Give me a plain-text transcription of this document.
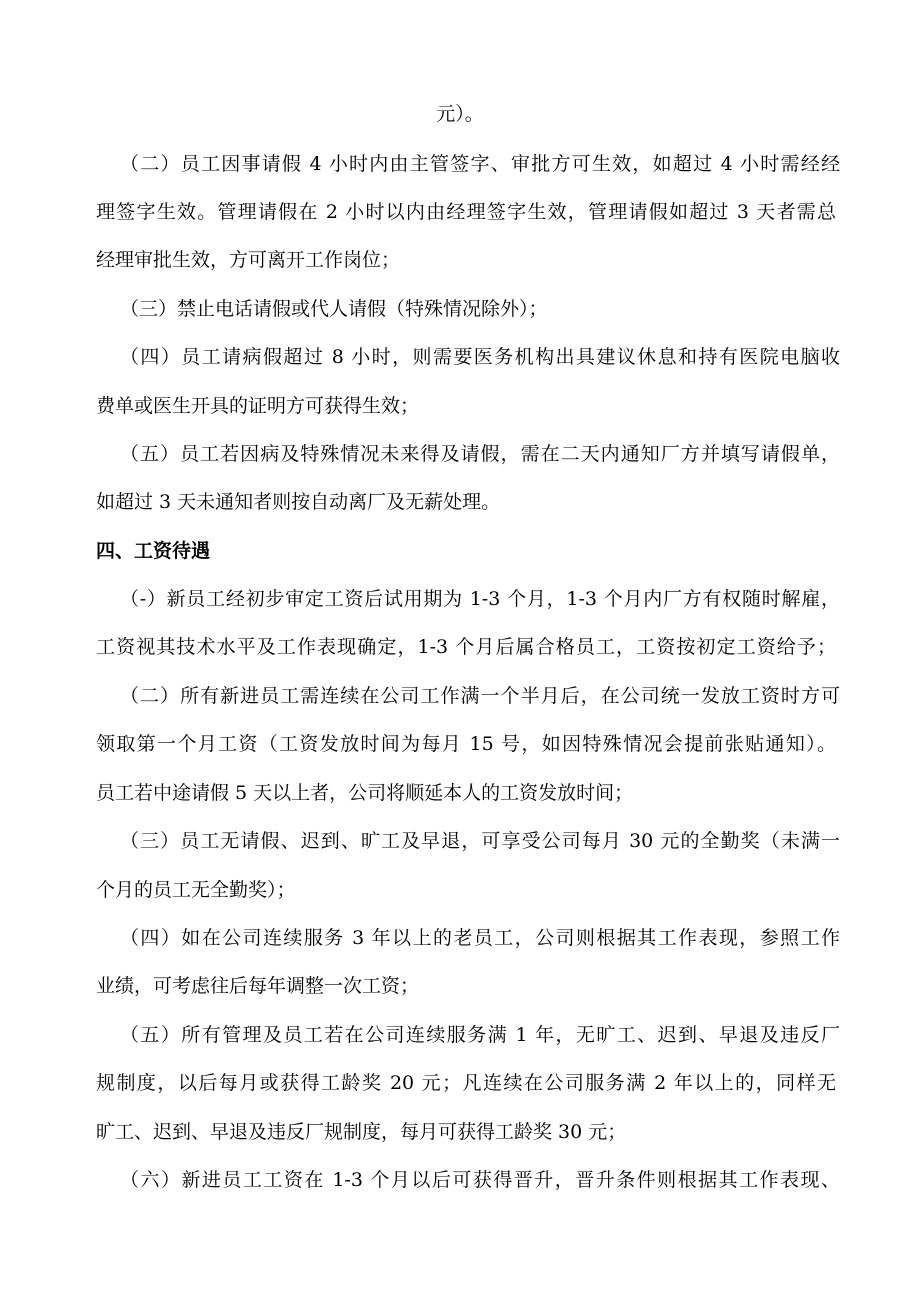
元）。
（二）员工因事请假 4 小时内由主管签字、审批方可生效，如超过 4 小时需经经
理签字生效。管理请假在 2 小时以内由经理签字生效，管理请假如超过 3 天者需总
经理审批生效，方可离开工作岗位；
（三）禁止电话请假或代人请假（特殊情况除外）；
（四）员工请病假超过 8 小时，则需要医务机构出具建议休息和持有医院电脑收
费单或医生开具的证明方可获得生效；
（五）员工若因病及特殊情况未来得及请假，需在二天内通知厂方并填写请假单，
如超过 3 天未通知者则按自动离厂及无薪处理。
四、工资待遇
（-）新员工经初步审定工资后试用期为 1-3 个月，1-3 个月内厂方有权随时解雇，
工资视其技术水平及工作表现确定，1-3 个月后属合格员工，工资按初定工资给予；
（二）所有新进员工需连续在公司工作满一个半月后，在公司统一发放工资时方可
领取第一个月工资（工资发放时间为每月 15 号，如因特殊情况会提前张贴通知）。
员工若中途请假 5 天以上者，公司将顺延本人的工资发放时间；
（三）员工无请假、迟到、旷工及早退，可享受公司每月 30 元的全勤奖（未满一
个月的员工无全勤奖）；
（四）如在公司连续服务 3 年以上的老员工，公司则根据其工作表现，参照工作
业绩，可考虑往后每年调整一次工资；
（五）所有管理及员工若在公司连续服务满 1 年，无旷工、迟到、早退及违反厂
规制度，以后每月或获得工龄奖 20 元；凡连续在公司服务满 2 年以上的，同样无
旷工、迟到、早退及违反厂规制度，每月可获得工龄奖 30 元；
（六）新进员工工资在 1-3 个月以后可获得晋升，晋升条件则根据其工作表现、
